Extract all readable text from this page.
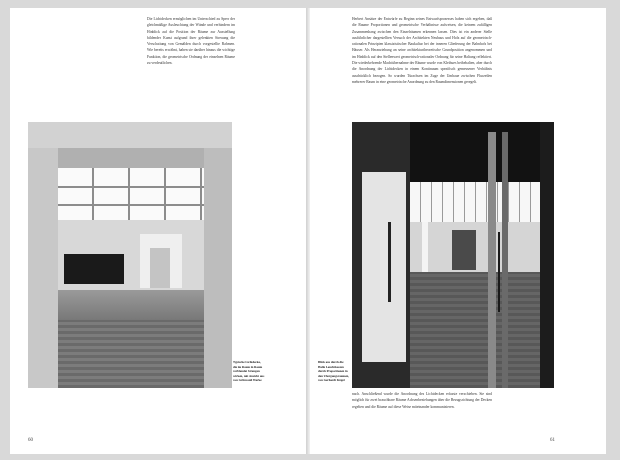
Die Lichtdecken ermöglichen im Unterschied zu Sperr der gleichmäßige Ausleuchtung der Wände und verhindern im Hinblick auf die Position der Räume zur Ausstellung bildender Kunst aufgrund ihrer gelenkten Streuung die Verschattung von Gemälden durch vorgestellte Rahmen. Wie bereits erwähnt, haben sie darüber hinaus die wichtige Funktion, die geometrische Ordnung der einzelnen Räume zu verdeutlichen.

Typische Lichtdecke, die im Raum in Raum verblendet Strengen wirken, mit Ansicht aus von Grünwald Werke

60

Herbert Ansätze der Entwürfe zu Beginn seines Entwurfsprozesses haben sich ergeben, daß die Raume Proportionen und geometrische Verhältnisse aufweisen, die keinem zufälligen Zusammenhang zwischen den Einzelräumen erkennen lassen. Dies ist ein anderer Stelle ausführlicher dargestellten Versuch der Architekten Neubaus und Holz auf die geometrisch-rationalen Prinzipien klassizistischer Baukultur bei der inneren Gliederung der Bahnhofs bei Häuser. Als Heranziehung an seine architekturtheoretische Grundposition angenommen und im Hinblick auf den Stellenwert geometrisch-rationaler Ordnung für seine Haltung reflektiert. Die wiederkehrende Machtübernahme der Räume wurde von Kleihues beibehalten, aber durch die Anordnung der Lichtdecken in einem Kontinuum spezifisch gemessener Verhältnis ausdrücklich bezogen. So wurden Türachsen im Zuge der Umbaue zwischen Flurzeilen mehrerer Raum in eine geometrische Anordnung zu den Raumdimensionen geregelt.

Blick aus durch die Halle Leuchtkasten durch Proportionen in den Ubergangsraumen, von Gerhardt Kögel

nach. Anschließend wurde die Anordnung des Lichtdecken erfasste verschieben. Sie sind möglich für zwei brauchbare Räume Achsenbeziehungen über die Bezugsrichtung der Decken regelten und die Räume auf diese Weise miteinander kommunizieren.

61
